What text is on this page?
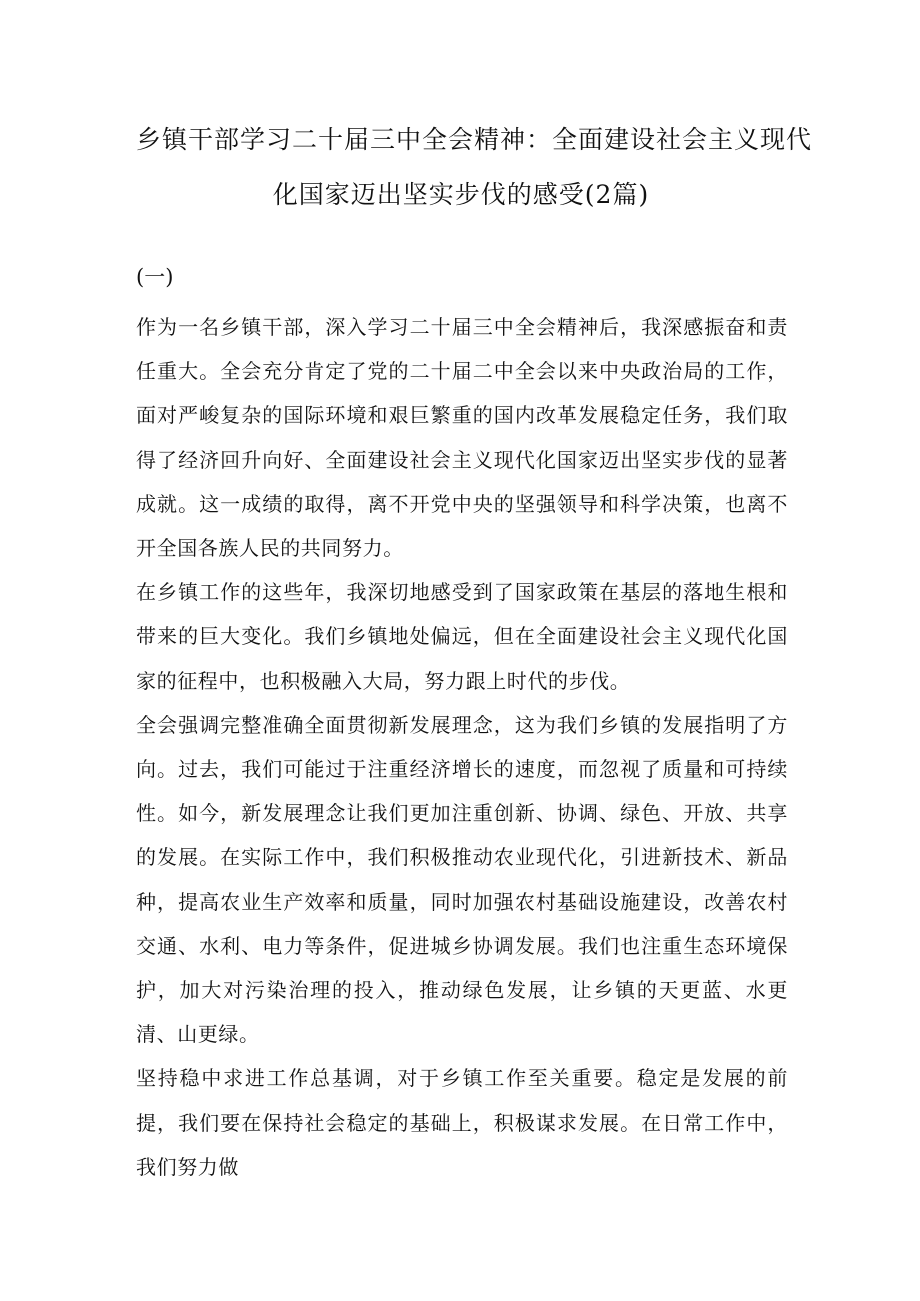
乡镇干部学习二十届三中全会精神：全面建设社会主义现代
化国家迈出坚实步伐的感受(2篇)

(一)

作为一名乡镇干部，深入学习二十届三中全会精神后，我深感振奋和责任重大。全会充分肯定了党的二十届二中全会以来中央政治局的工作，面对严峻复杂的国际环境和艰巨繁重的国内改革发展稳定任务，我们取得了经济回升向好、全面建设社会主义现代化国家迈出坚实步伐的显著成就。这一成绩的取得，离不开党中央的坚强领导和科学决策，也离不开全国各族人民的共同努力。

在乡镇工作的这些年，我深切地感受到了国家政策在基层的落地生根和带来的巨大变化。我们乡镇地处偏远，但在全面建设社会主义现代化国家的征程中，也积极融入大局，努力跟上时代的步伐。

全会强调完整准确全面贯彻新发展理念，这为我们乡镇的发展指明了方向。过去，我们可能过于注重经济增长的速度，而忽视了质量和可持续性。如今，新发展理念让我们更加注重创新、协调、绿色、开放、共享的发展。在实际工作中，我们积极推动农业现代化，引进新技术、新品种，提高农业生产效率和质量，同时加强农村基础设施建设，改善农村交通、水利、电力等条件，促进城乡协调发展。我们也注重生态环境保护，加大对污染治理的投入，推动绿色发展，让乡镇的天更蓝、水更清、山更绿。

坚持稳中求进工作总基调，对于乡镇工作至关重要。稳定是发展的前提，我们要在保持社会稳定的基础上，积极谋求发展。在日常工作中，我们努力做
